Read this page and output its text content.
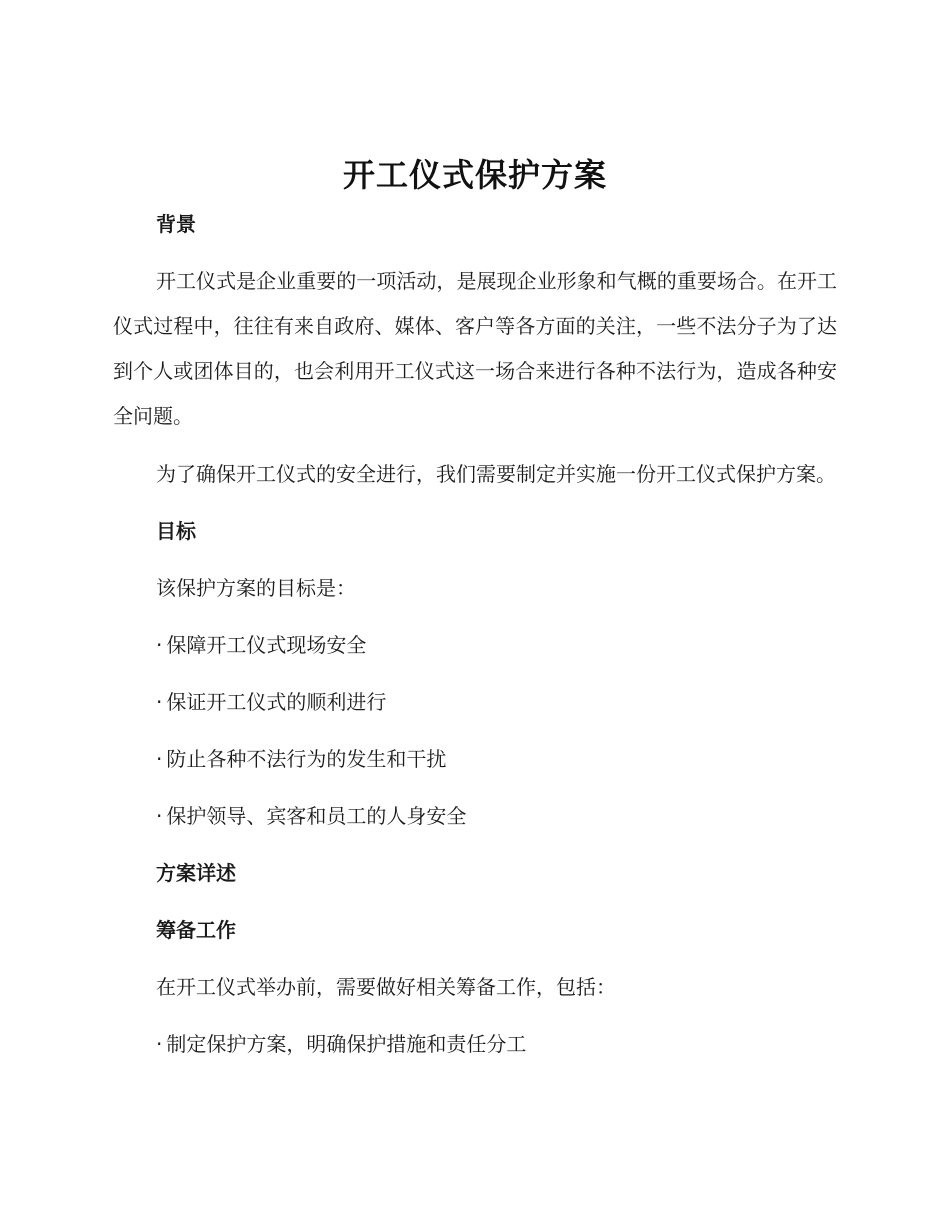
开工仪式保护方案

背景

开工仪式是企业重要的一项活动，是展现企业形象和气概的重要场合。在开工仪式过程中，往往有来自政府、媒体、客户等各方面的关注，一些不法分子为了达到个人或团体目的，也会利用开工仪式这一场合来进行各种不法行为，造成各种安全问题。

为了确保开工仪式的安全进行，我们需要制定并实施一份开工仪式保护方案。

目标

该保护方案的目标是：

· 保障开工仪式现场安全

· 保证开工仪式的顺利进行

· 防止各种不法行为的发生和干扰

· 保护领导、宾客和员工的人身安全

方案详述

筹备工作

在开工仪式举办前，需要做好相关筹备工作，包括：

· 制定保护方案，明确保护措施和责任分工
